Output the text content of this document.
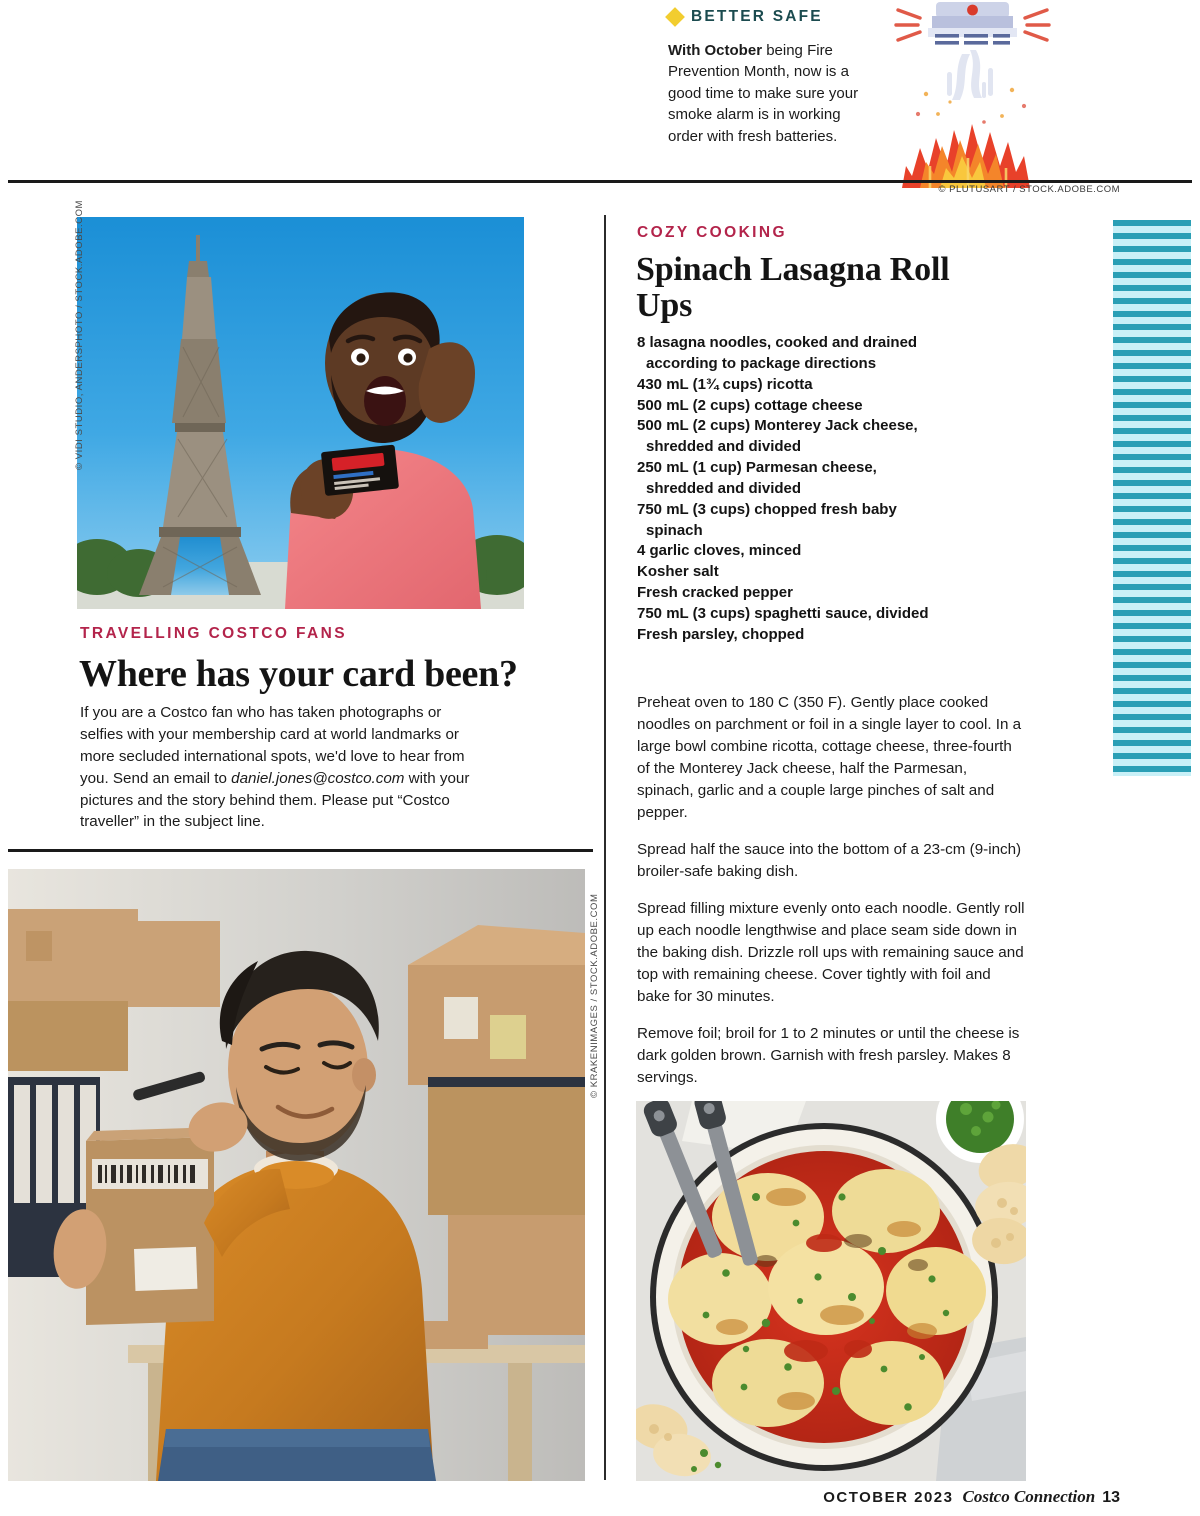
BETTER SAFE
With October being Fire Prevention Month, now is a good time to make sure your smoke alarm is in working order with fresh batteries.
© PLUTUSART / STOCK.ADOBE.COM
© VIDI STUDIO, ANDERSPHOTO / STOCK.ADOBE.COM
TRAVELLING COSTCO FANS
Where has your card been?
If you are a Costco fan who has taken photographs or selfies with your membership card at world landmarks or more secluded international spots, we'd love to hear from you. Send an email to daniel.jones@costco.com with your pictures and the story behind them. Please put “Costco traveller” in the subject line.
© KRAKENIMAGES / STOCK.ADOBE.COM
COZY COOKING
Spinach Lasagna Roll Ups
8 lasagna noodles, cooked and drained according to package directions
430 mL (1¾ cups) ricotta
500 mL (2 cups) cottage cheese
500 mL (2 cups) Monterey Jack cheese, shredded and divided
250 mL (1 cup) Parmesan cheese, shredded and divided
750 mL (3 cups) chopped fresh baby spinach
4 garlic cloves, minced
Kosher salt
Fresh cracked pepper
750 mL (3 cups) spaghetti sauce, divided
Fresh parsley, chopped

Preheat oven to 180 C (350 F). Gently place cooked noodles on parchment or foil in a single layer to cool. In a large bowl combine ricotta, cottage cheese, three-fourth of the Monterey Jack cheese, half the Parmesan, spinach, garlic and a couple large pinches of salt and pepper.

Spread half the sauce into the bottom of a 23-cm (9-inch) broiler-safe baking dish.

Spread filling mixture evenly onto each noodle. Gently roll up each noodle lengthwise and place seam side down in the baking dish. Drizzle roll ups with remaining sauce and top with remaining cheese. Cover tightly with foil and bake for 30 minutes.

Remove foil; broil for 1 to 2 minutes or until the cheese is dark golden brown. Garnish with fresh parsley. Makes 8 servings.

OCTOBER 2023 Costco Connection 13
